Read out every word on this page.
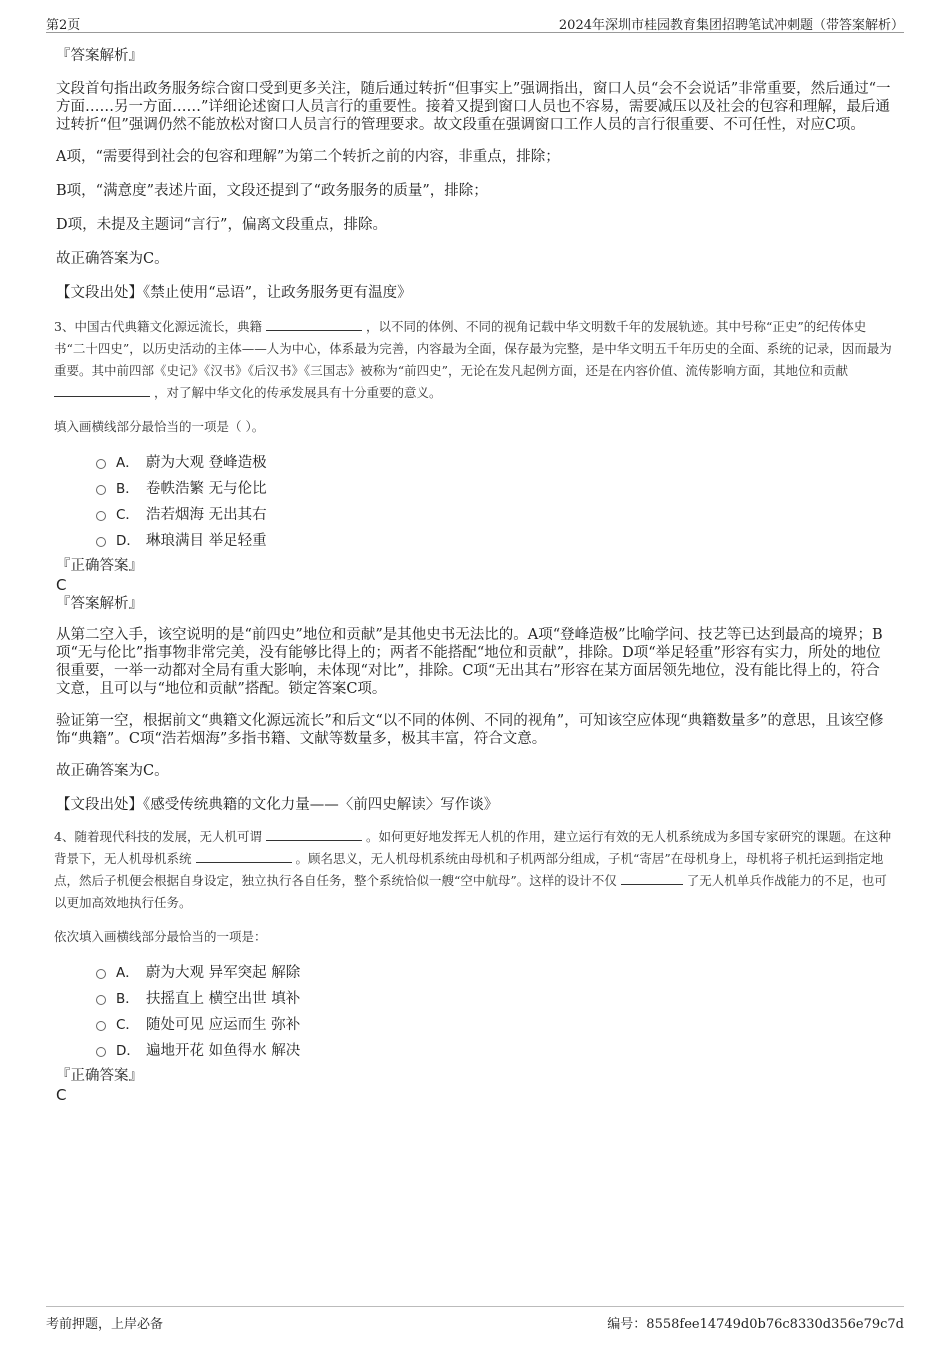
第2页	2024年深圳市桂园教育集团招聘笔试冲刺题（带答案解析）
『答案解析』

文段首句指出政务服务综合窗口受到更多关注，随后通过转折“但事实上”强调指出，窗口人员“会不会说话”非常重要，然后通过“一方面……另一方面……”详细论述窗口人员言行的重要性。接着又提到窗口人员也不容易，需要减压以及社会的包容和理解，最后通过转折“但”强调仍然不能放松对窗口人员言行的管理要求。故文段重在强调窗口工作人员的言行很重要、不可任性，对应C项。

A项，“需要得到社会的包容和理解”为第二个转折之前的内容，非重点，排除；

B项，“满意度”表述片面，文段还提到了“政务服务的质量”，排除；

D项，未提及主题词“言行”，偏离文段重点，排除。

故正确答案为C。

【文段出处】《禁止使用“忌语”，让政务服务更有温度》

3、中国古代典籍文化源远流长，典籍	，以不同的体例、不同的视角记载中华文明数千年的发展轨迹。其中号称“正史”的纪传体史书“二十四史”，以历史活动的主体——人为中心，体系最为完善，内容最为全面，保存最为完整，是中华文明五千年历史的全面、系统的记录，因而最为重要。其中前四部《史记》《汉书》《后汉书》《三国志》被称为“前四史”，无论在发凡起例方面，还是在内容价值、流传影响方面，其地位和贡献  ，对了解中华文化的传承发展具有十分重要的意义。

填入画横线部分最恰当的一项是（ ）。

A． 蔚为大观 登峰造极
B． 卷帙浩繁 无与伦比
C． 浩若烟海 无出其右
D． 琳琅满目 举足轻重
『正确答案』
C
『答案解析』

从第二空入手，该空说明的是“前四史”地位和贡献”是其他史书无法比的。A项“登峰造极”比喻学问、技艺等已达到最高的境界；B项“无与伦比”指事物非常完美，没有能够比得上的；两者不能搭配“地位和贡献”，排除。D项“举足轻重”形容有实力，所处的地位很重要，一举一动都对全局有重大影响，未体现“对比”，排除。C项“无出其右”形容在某方面居领先地位，没有能比得上的，符合文意，且可以与“地位和贡献”搭配。锁定答案C项。

验证第一空，根据前文“典籍文化源远流长”和后文“以不同的体例、不同的视角”，可知该空应体现“典籍数量多”的意思，且该空修饰“典籍”。C项“浩若烟海”多指书籍、文献等数量多，极其丰富，符合文意。

故正确答案为C。

【文段出处】《感受传统典籍的文化力量——〈前四史解读〉写作谈》

4、随着现代科技的发展，无人机可谓	。如何更好地发挥无人机的作用，建立运行有效的无人机系统成为多国专家研究的课题。在这种背景下，无人机母机系统	。顾名思义，无人机母机系统由母机和子机两部分组成，子机“寄居”在母机身上，母机将子机托运到指定地点，然后子机便会根据自身设定，独立执行各自任务，整个系统恰似一艘“空中航母”。这样的设计不仅	了无人机单兵作战能力的不足，也可以更加高效地执行任务。

依次填入画横线部分最恰当的一项是：

A． 蔚为大观 异军突起 解除
B． 扶摇直上 横空出世 填补
C． 随处可见 应运而生 弥补
D． 遍地开花 如鱼得水 解决
『正确答案』
C
考前押题，上岸必备	编号：8558fee14749d0b76c8330d356e79c7d
